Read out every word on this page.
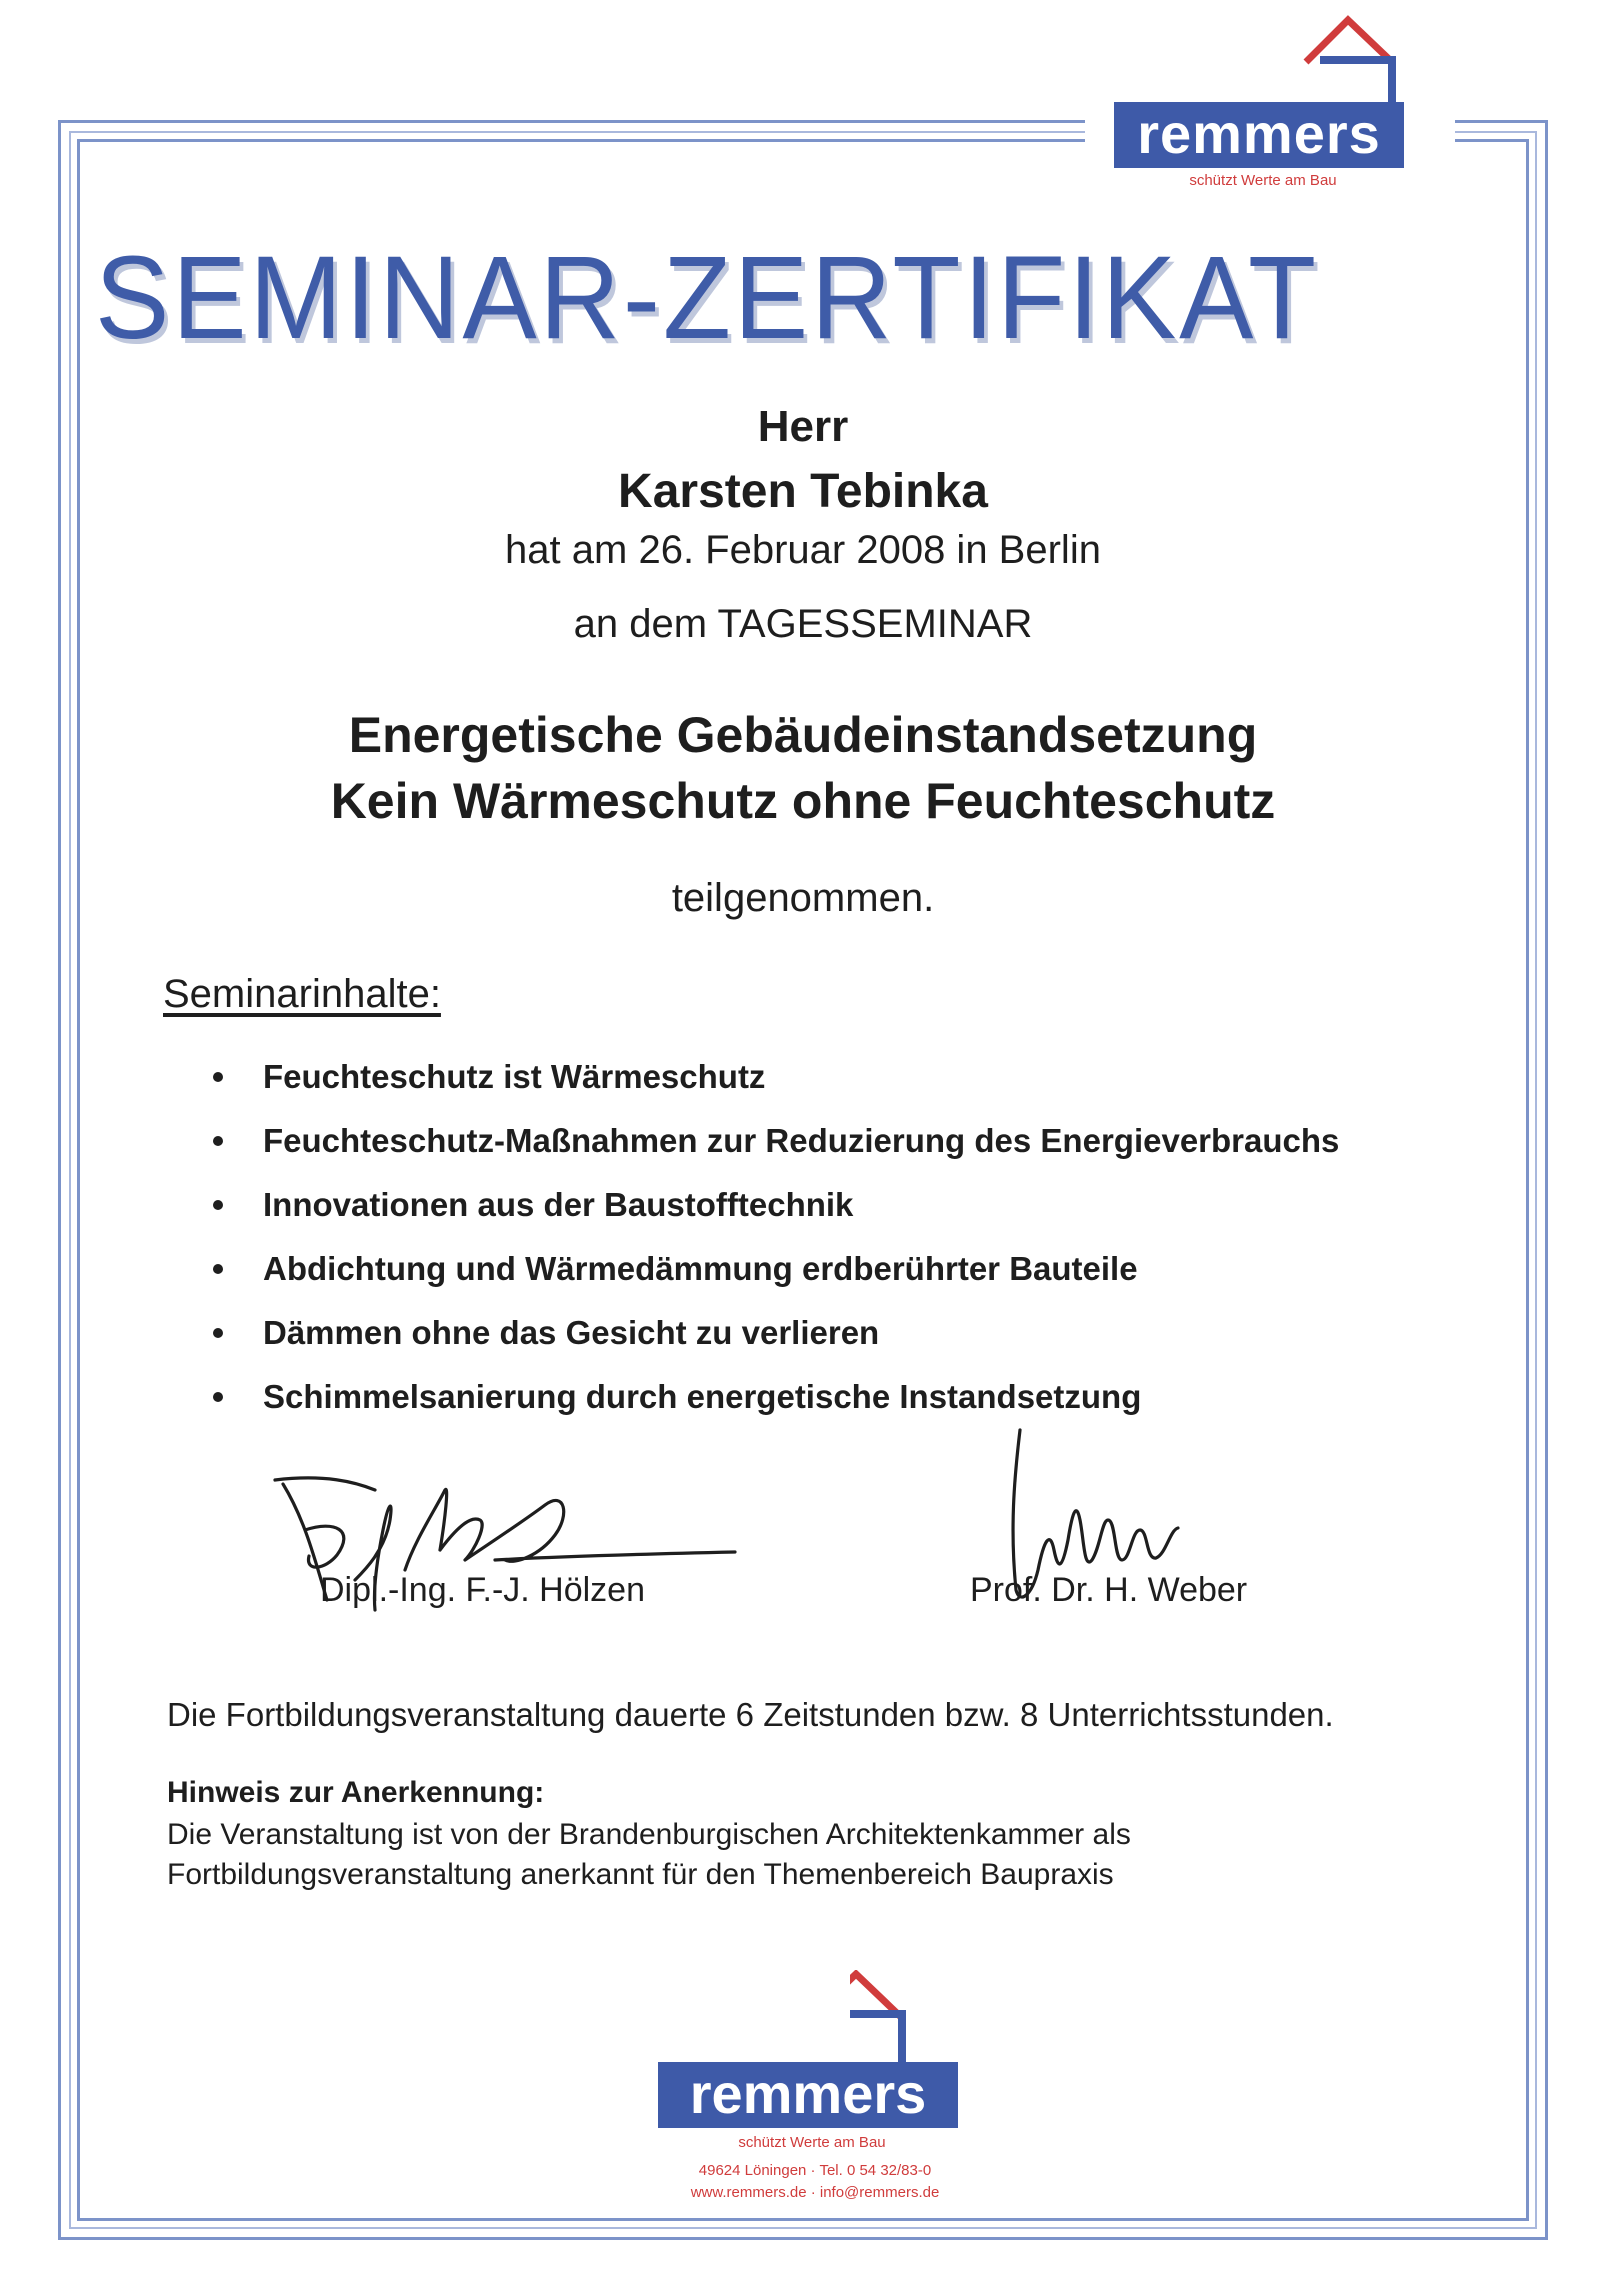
remmers
schützt Werte am Bau
SEMINAR-ZERTIFIKAT
Herr
Karsten Tebinka
hat am 26. Februar 2008 in Berlin
an dem TAGESSEMINAR
Energetische Gebäudeinstandsetzung
Kein Wärmeschutz ohne Feuchteschutz
teilgenommen.
Seminarinhalte:
Feuchteschutz ist Wärmeschutz
Feuchteschutz-Maßnahmen zur Reduzierung des Energieverbrauchs
Innovationen aus der Baustofftechnik
Abdichtung und Wärmedämmung erdberührter Bauteile
Dämmen ohne das Gesicht zu verlieren
Schimmelsanierung durch energetische Instandsetzung
Dipl.-Ing. F.-J. Hölzen	Prof. Dr. H. Weber
Die Fortbildungsveranstaltung dauerte 6 Zeitstunden bzw. 8 Unterrichtsstunden.
Hinweis zur Anerkennung:
Die Veranstaltung ist von der Brandenburgischen Architektenkammer als
Fortbildungsveranstaltung anerkannt für den Themenbereich Baupraxis
remmers
schützt Werte am Bau
49624 Löningen · Tel. 0 54 32/83-0
www.remmers.de · info@remmers.de
